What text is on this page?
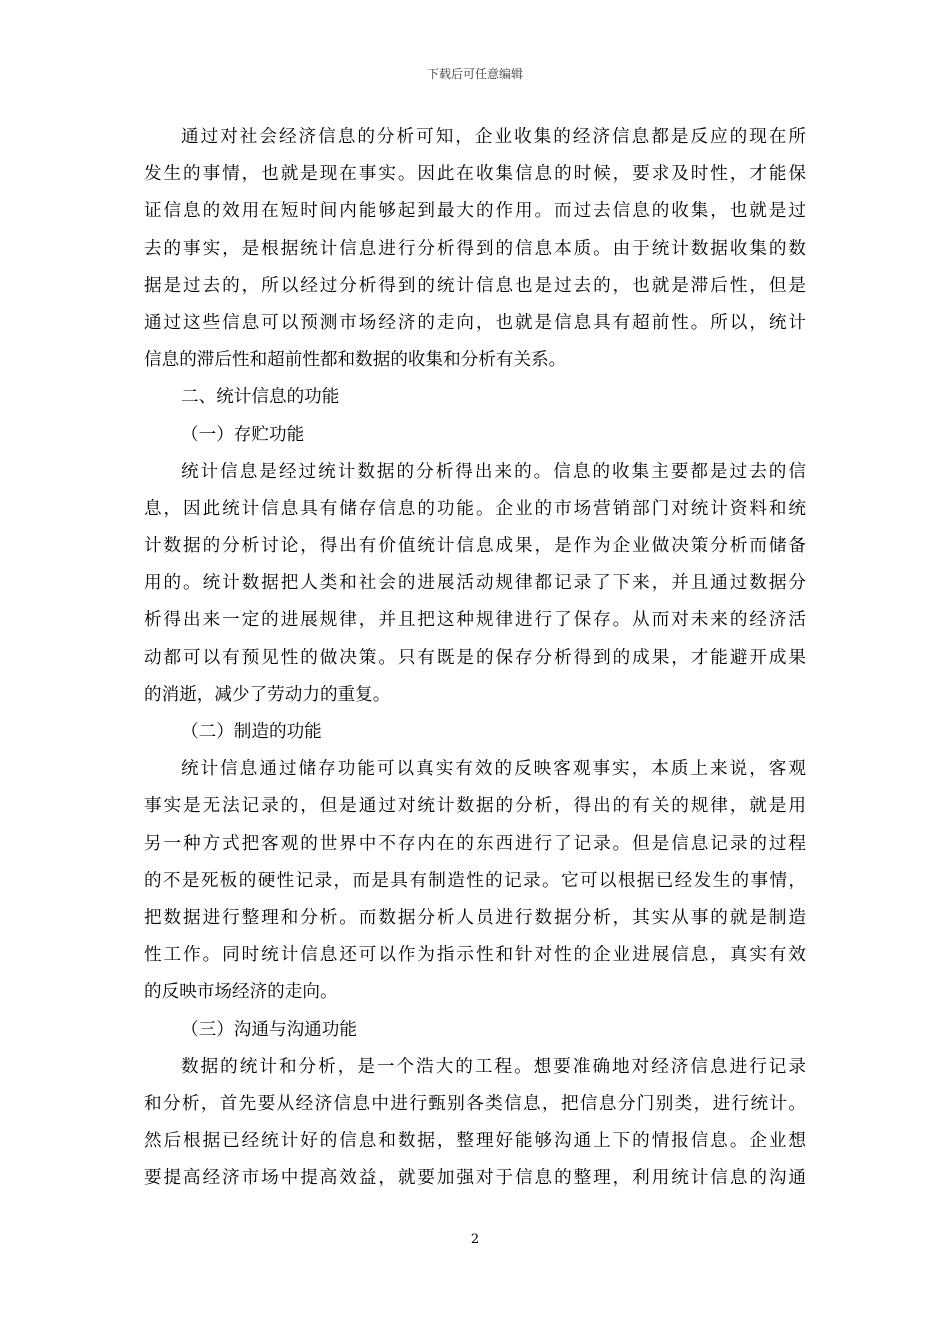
下载后可任意编辑
通过对社会经济信息的分析可知，企业收集的经济信息都是反应的现在所
发生的事情，也就是现在事实。因此在收集信息的时候，要求及时性，才能保
证信息的效用在短时间内能够起到最大的作用。而过去信息的收集，也就是过
去的事实，是根据统计信息进行分析得到的信息本质。由于统计数据收集的数
据是过去的，所以经过分析得到的统计信息也是过去的，也就是滞后性，但是
通过这些信息可以预测市场经济的走向，也就是信息具有超前性。所以，统计
信息的滞后性和超前性都和数据的收集和分析有关系。
二、统计信息的功能
（一）存贮功能
统计信息是经过统计数据的分析得出来的。信息的收集主要都是过去的信
息，因此统计信息具有储存信息的功能。企业的市场营销部门对统计资料和统
计数据的分析讨论，得出有价值统计信息成果，是作为企业做决策分析而储备
用的。统计数据把人类和社会的进展活动规律都记录了下来，并且通过数据分
析得出来一定的进展规律，并且把这种规律进行了保存。从而对未来的经济活
动都可以有预见性的做决策。只有既是的保存分析得到的成果，才能避开成果
的消逝，减少了劳动力的重复。
（二）制造的功能
统计信息通过储存功能可以真实有效的反映客观事实，本质上来说，客观
事实是无法记录的，但是通过对统计数据的分析，得出的有关的规律，就是用
另一种方式把客观的世界中不存内在的东西进行了记录。但是信息记录的过程
的不是死板的硬性记录，而是具有制造性的记录。它可以根据已经发生的事情，
把数据进行整理和分析。而数据分析人员进行数据分析，其实从事的就是制造
性工作。同时统计信息还可以作为指示性和针对性的企业进展信息，真实有效
的反映市场经济的走向。
（三）沟通与沟通功能
数据的统计和分析，是一个浩大的工程。想要准确地对经济信息进行记录
和分析，首先要从经济信息中进行甄别各类信息，把信息分门别类，进行统计。
然后根据已经统计好的信息和数据，整理好能够沟通上下的情报信息。企业想
要提高经济市场中提高效益，就要加强对于信息的整理，利用统计信息的沟通
2
